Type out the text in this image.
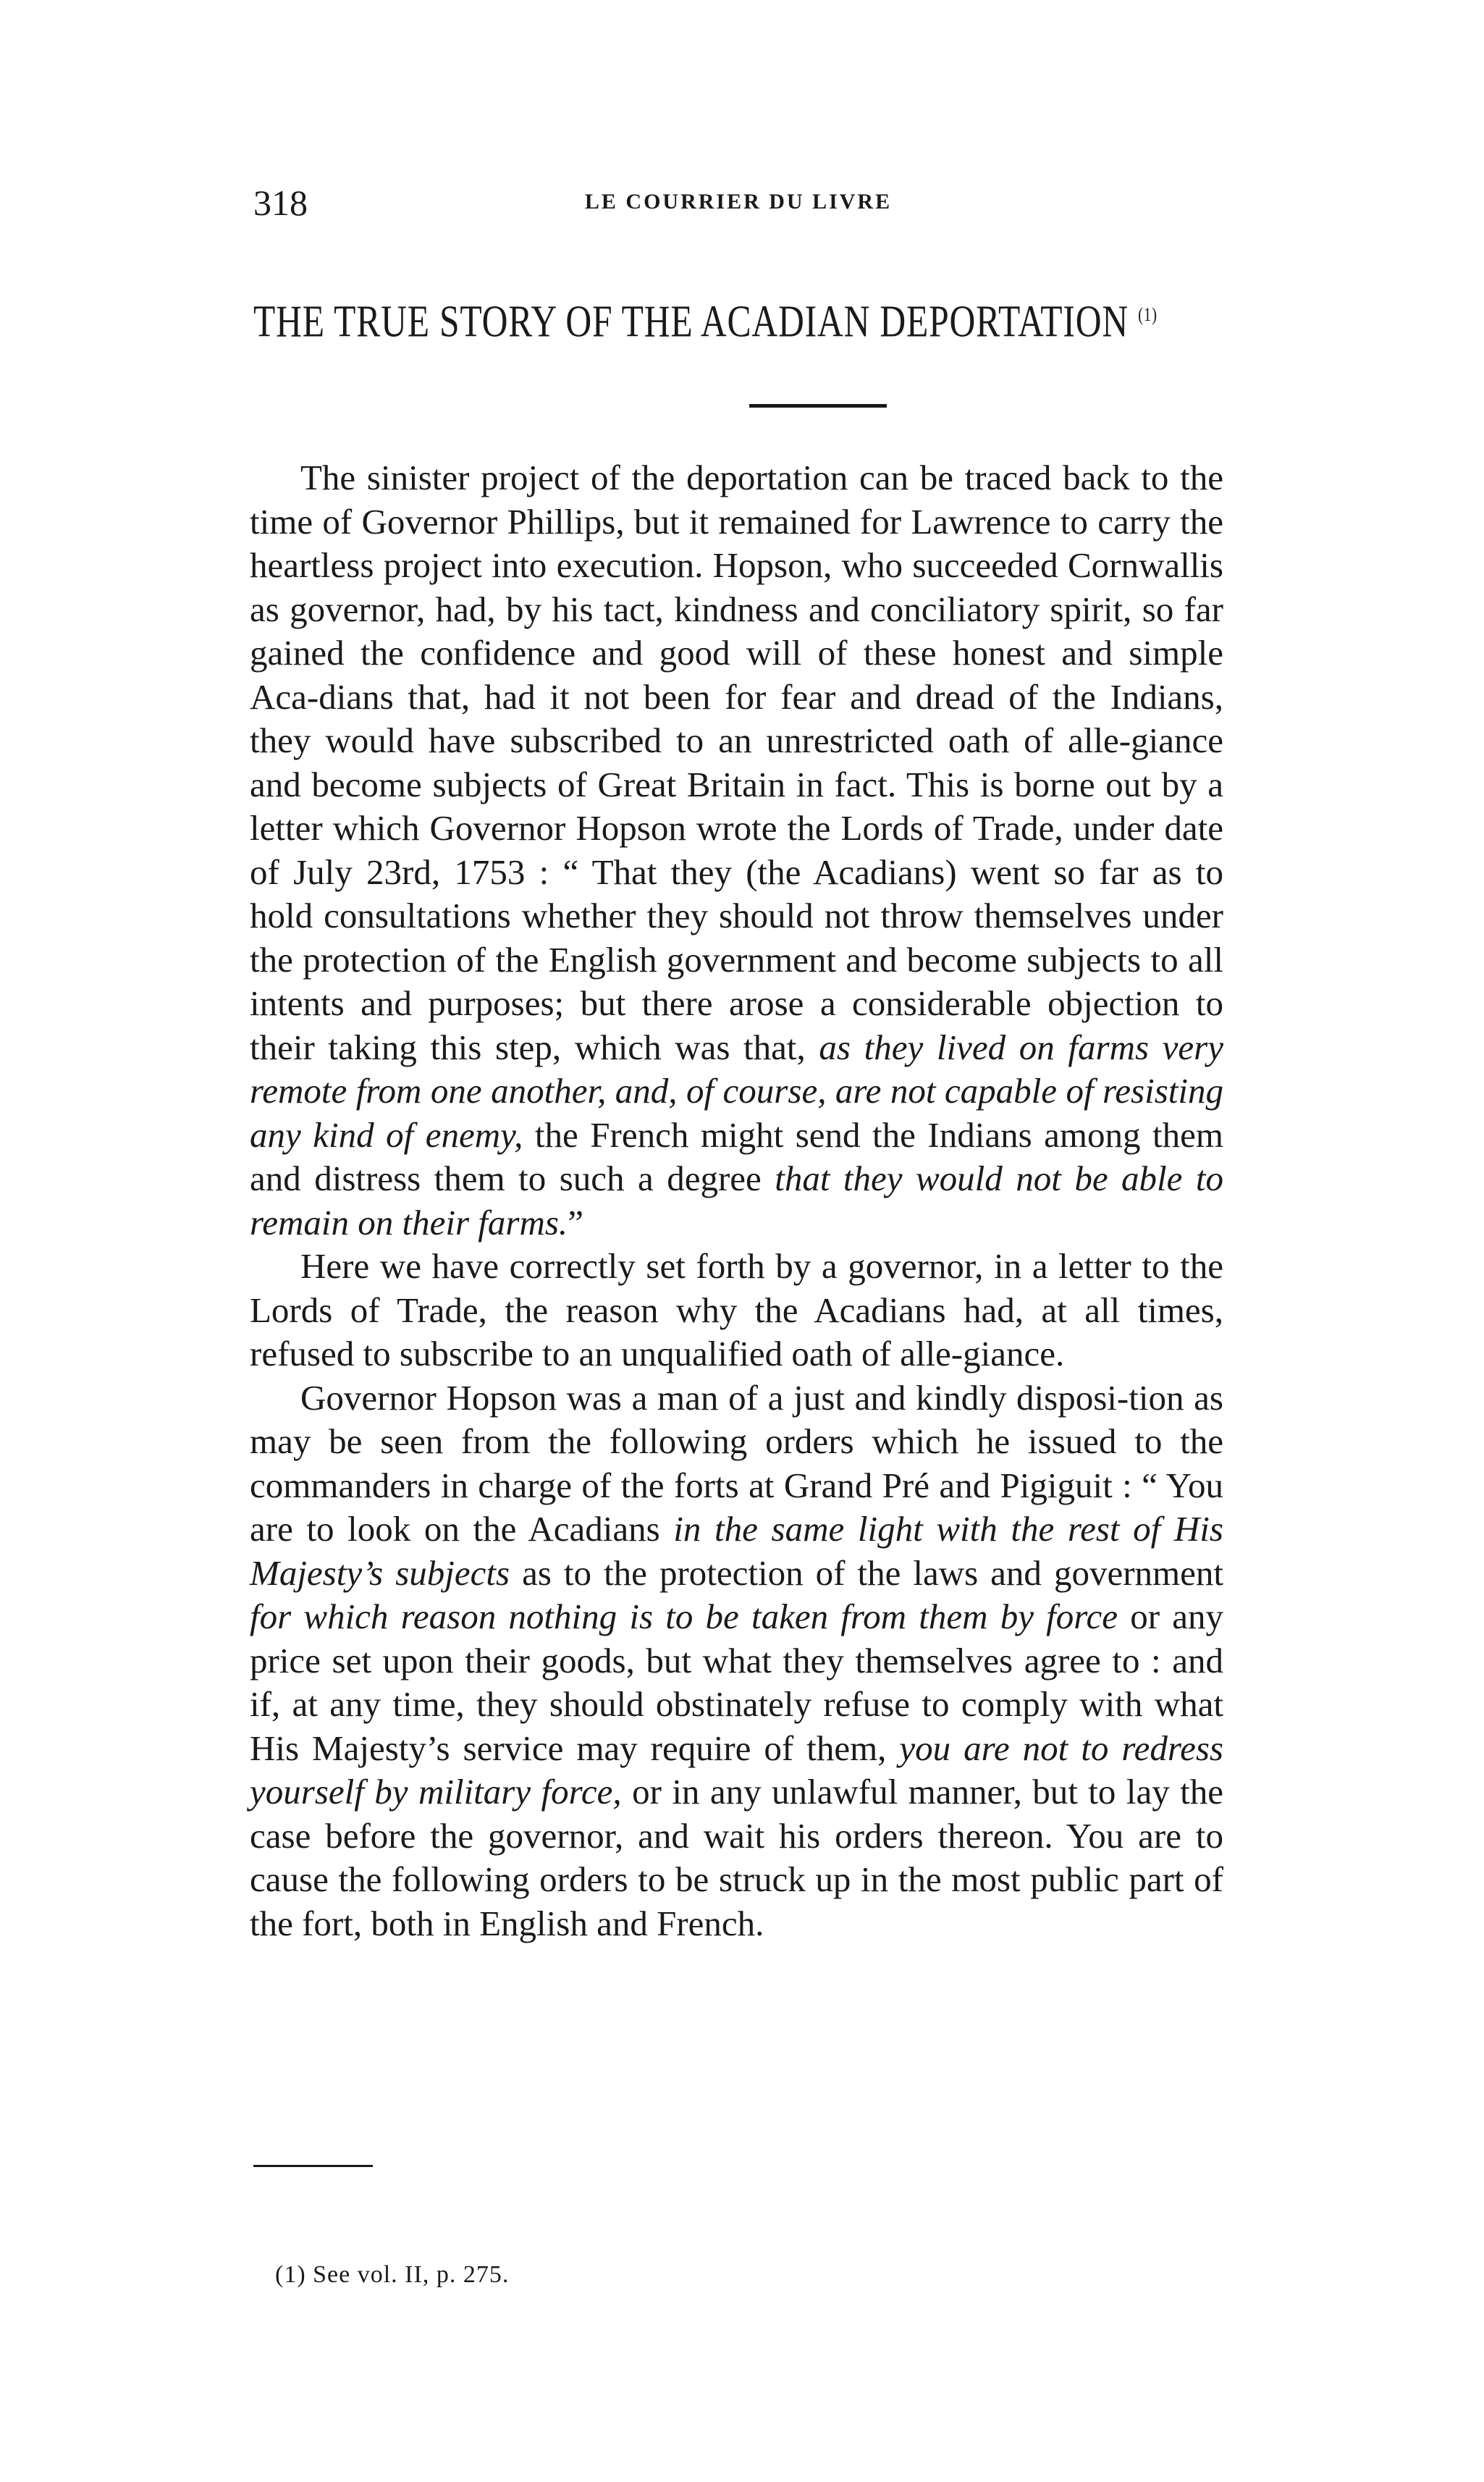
318	LE COURRIER DU LIVRE
THE TRUE STORY OF THE ACADIAN DEPORTATION $^{(1)}$

The sinister project of the deportation can be traced back to the time of Governor Phillips, but it remained for Lawrence to carry the heartless project into execution. Hopson, who succeeded Cornwallis as governor, had, by his tact, kindness and conciliatory spirit, so far gained the confidence and good will of these honest and simple Aca-dians that, had it not been for fear and dread of the Indians, they would have subscribed to an unrestricted oath of alle-giance and become subjects of Great Britain in fact. This is borne out by a letter which Governor Hopson wrote the Lords of Trade, under date of July 23rd, 1753 : “ That they (the Acadians) went so far as to hold consultations whether they should not throw themselves under the protection of the English government and become subjects to all intents and purposes; but there arose a considerable objection to their taking this step, which was that, as they lived on farms very remote from one another, and, of course, are not capable of resisting any kind of enemy, the French might send the Indians among them and distress them to such a degree that they would not be able to remain on their farms.”

Here we have correctly set forth by a governor, in a letter to the Lords of Trade, the reason why the Acadians had, at all times, refused to subscribe to an unqualified oath of alle-giance.

Governor Hopson was a man of a just and kindly disposi-tion as may be seen from the following orders which he issued to the commanders in charge of the forts at Grand Pré and Pigiguit : “ You are to look on the Acadians in the same light with the rest of His Majesty’s subjects as to the protection of the laws and government for which reason nothing is to be taken from them by force or any price set upon their goods, but what they themselves agree to : and if, at any time, they should obstinately refuse to comply with what His Majesty’s service may require of them, you are not to redress yourself by military force, or in any unlawful manner, but to lay the case before the governor, and wait his orders thereon. You are to cause the following orders to be struck up in the most public part of the fort, both in English and French.

(1) See vol. II, p. 275.
